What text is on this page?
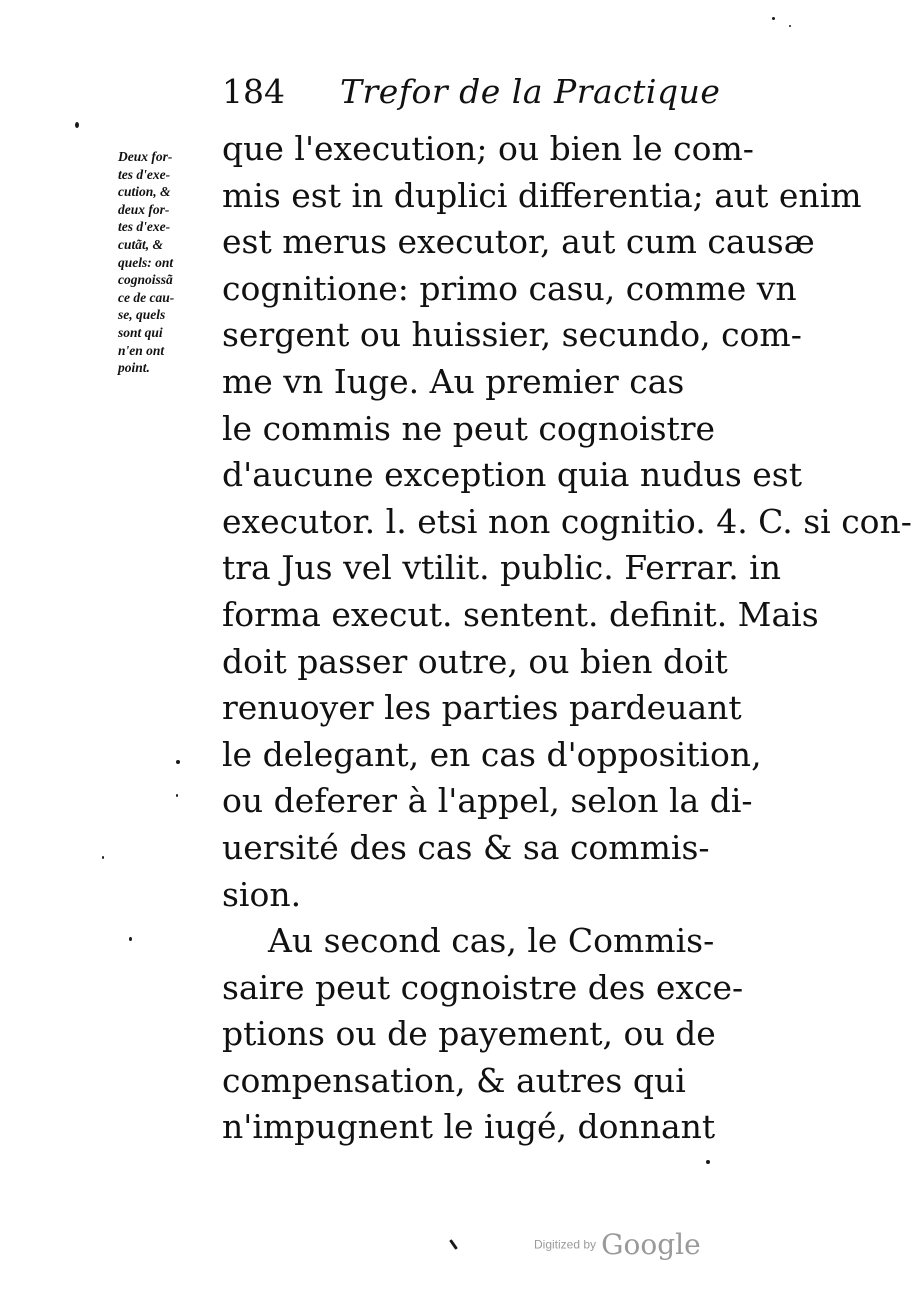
184 Trefor de la Practique
Deux for-
tes d'exe-
cution, &
deux for-
tes d'exe-
cutãt, &
quels: ont
cognoissã
ce de cau-
se, quels
sont qui
n'en ont
point.
que l'execution; ou bien le com-
mis est in duplici differentia; aut enim
est merus executor, aut cum causæ
cognitione: primo casu, comme vn
sergent ou huissier, secundo, com-
me vn Iuge. Au premier cas
le commis ne peut cognoistre
d'aucune exception quia nudus est
executor. l. etsi non cognitio. 4. C. si con-
tra Jus vel vtilit. public. Ferrar. in
forma execut. sentent. definit. Mais
doit passer outre, ou bien doit
renuoyer les parties pardeuant
le delegant, en cas d'opposition,
ou deferer à l'appel, selon la di-
uersité des cas & sa commis-
sion.
Au second cas, le Commis-
saire peut cognoistre des exce-
ptions ou de payement, ou de
compensation, & autres qui
n'impugnent le iugé, donnant
Digitized by Google
